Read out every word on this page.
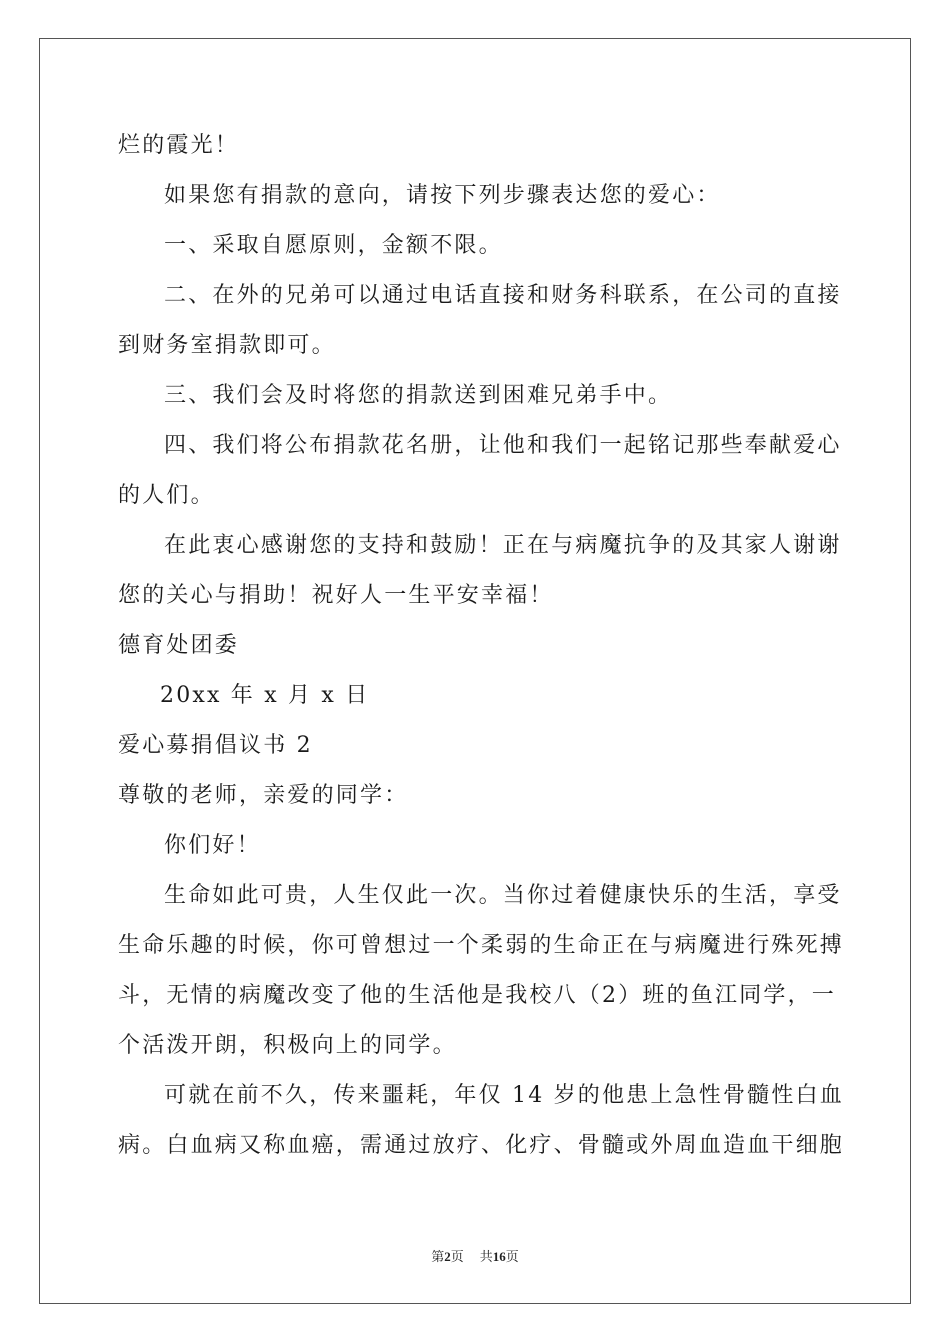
烂的霞光！
如果您有捐款的意向，请按下列步骤表达您的爱心：
一、采取自愿原则，金额不限。
二、在外的兄弟可以通过电话直接和财务科联系，在公司的直接
到财务室捐款即可。
三、我们会及时将您的捐款送到困难兄弟手中。
四、我们将公布捐款花名册，让他和我们一起铭记那些奉献爱心
的人们。
在此衷心感谢您的支持和鼓励！正在与病魔抗争的及其家人谢谢
您的关心与捐助！祝好人一生平安幸福！
德育处团委
20xx 年 x 月 x 日
爱心募捐倡议书 2
尊敬的老师，亲爱的同学：
你们好！
生命如此可贵，人生仅此一次。当你过着健康快乐的生活，享受
生命乐趣的时候，你可曾想过一个柔弱的生命正在与病魔进行殊死搏
斗，无情的病魔改变了他的生活他是我校八（2）班的鱼江同学，一
个活泼开朗，积极向上的同学。
可就在前不久，传来噩耗，年仅 14 岁的他患上急性骨髓性白血
病。白血病又称血癌，需通过放疗、化疗、骨髓或外周血造血干细胞
第2页 共16页
